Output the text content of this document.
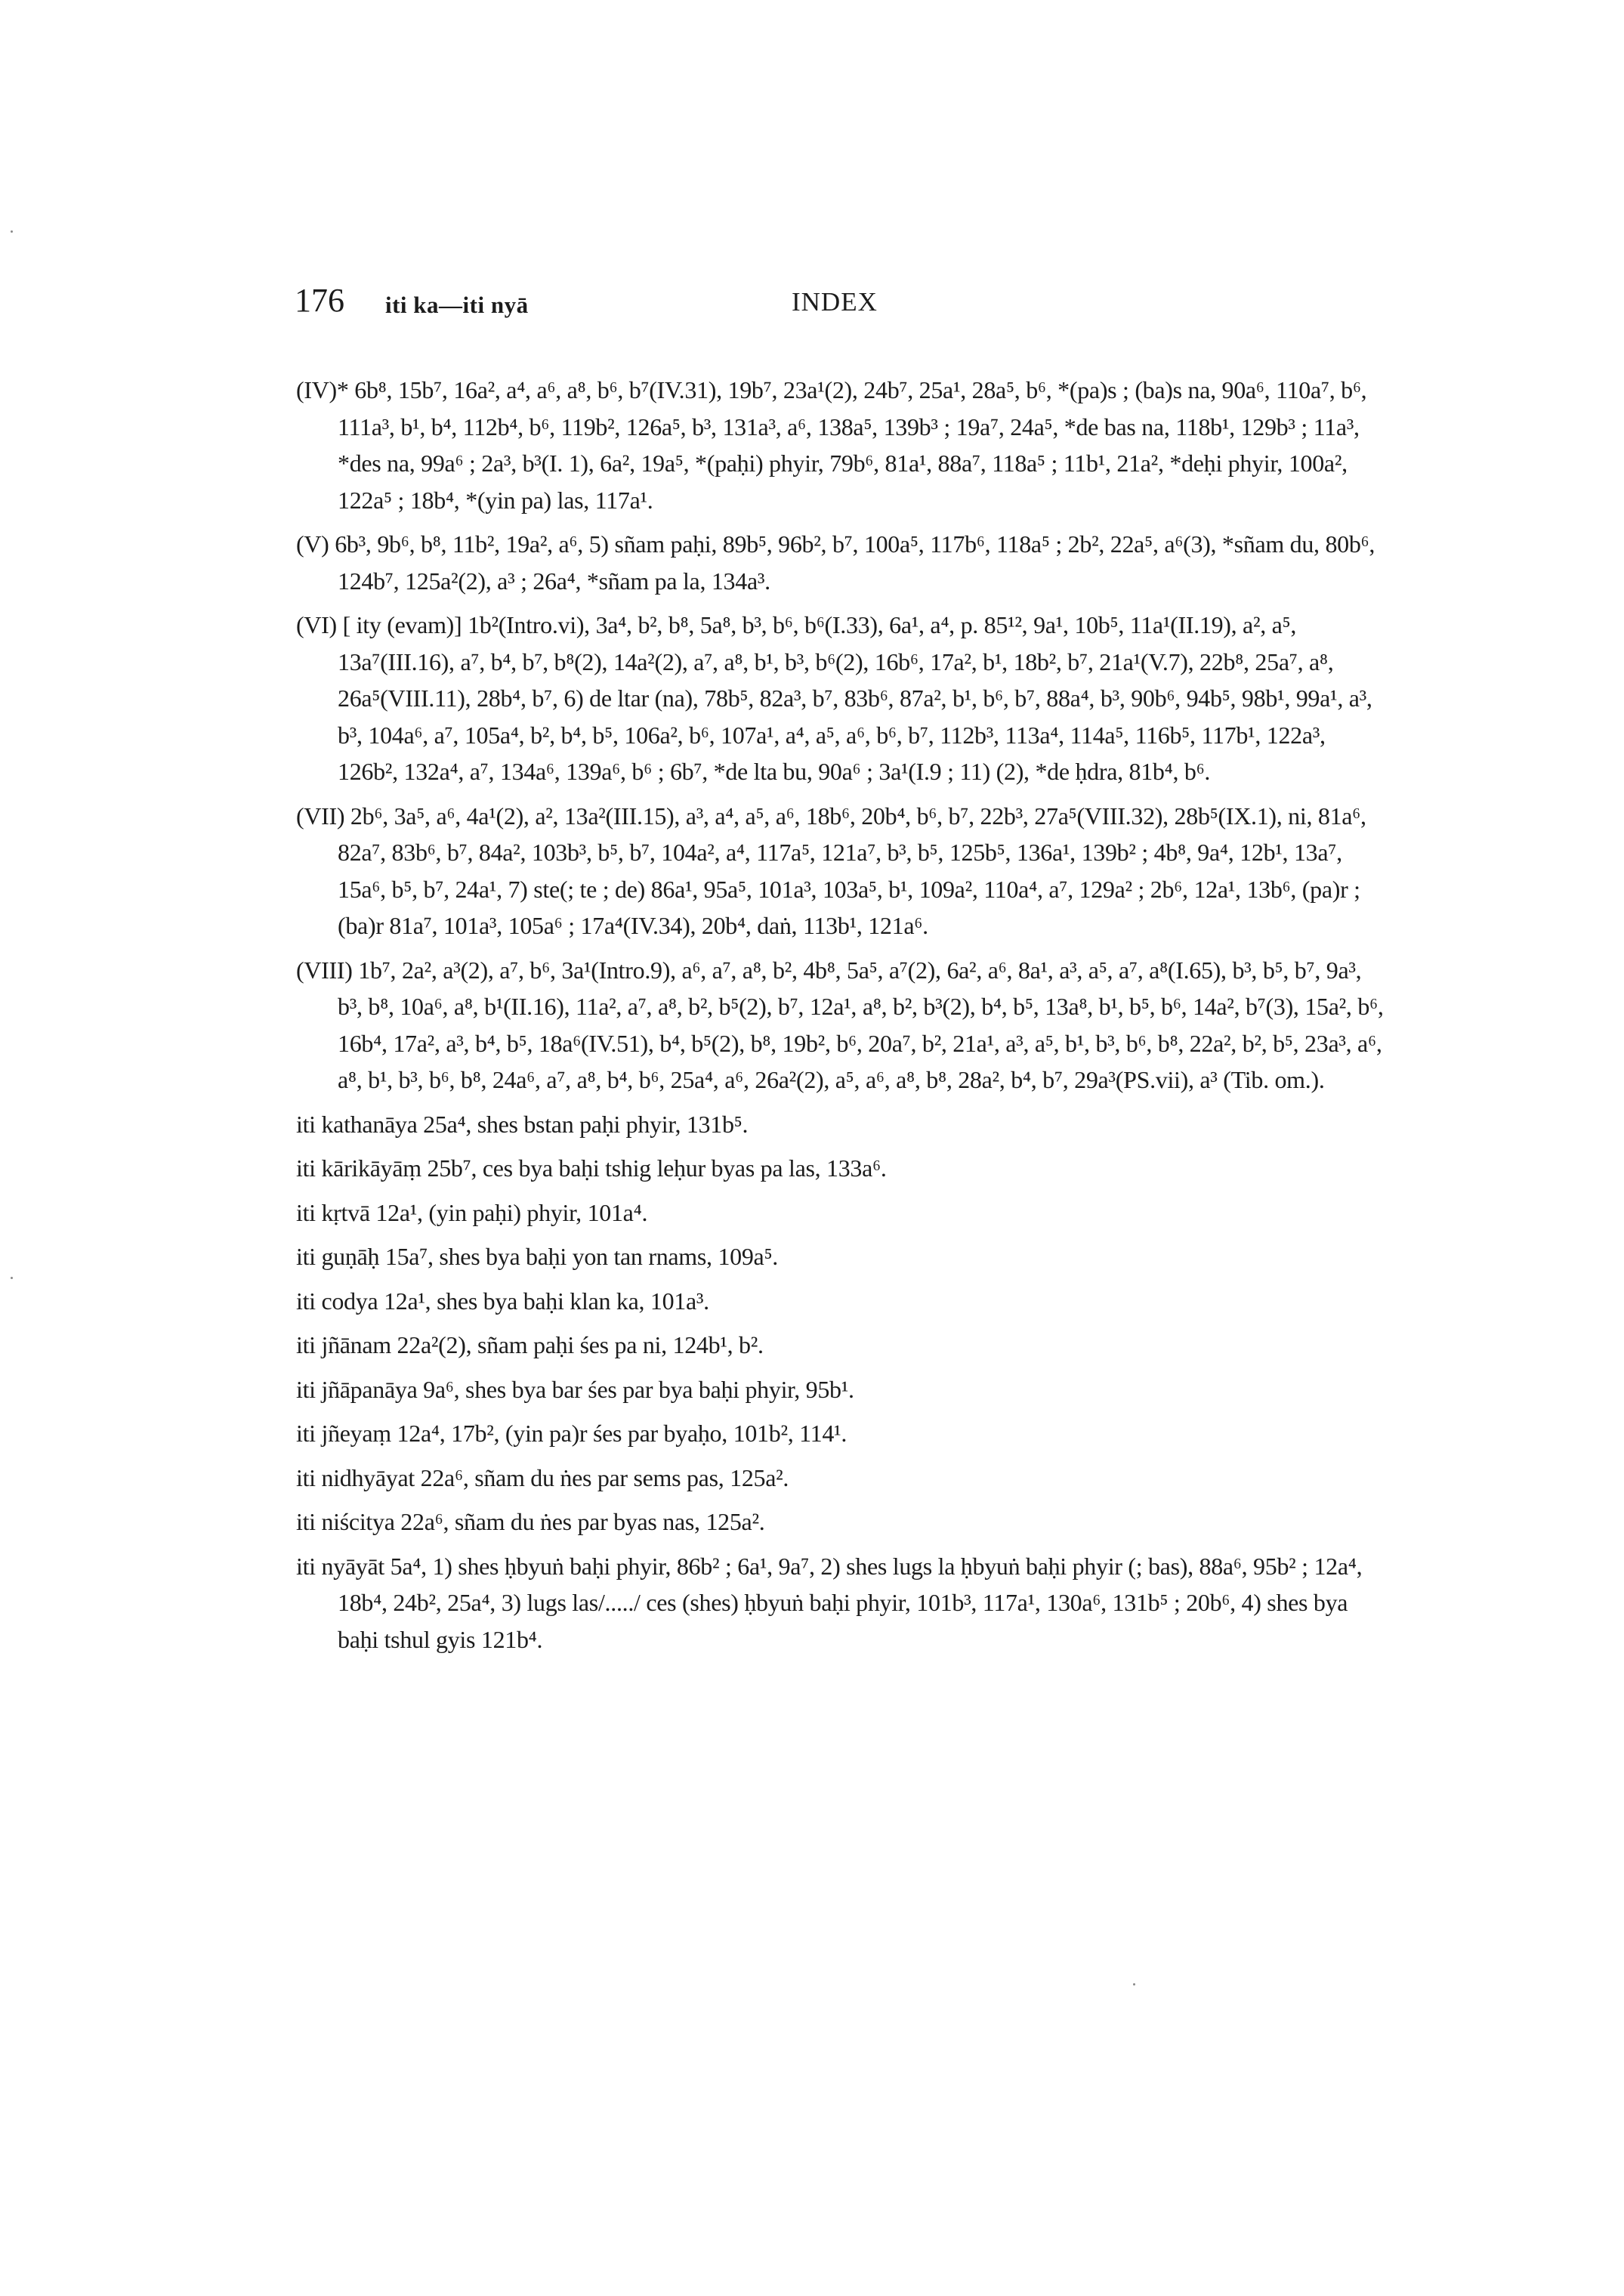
176 iti ka—iti nyā	INDEX

(IV)* 6b⁸, 15b⁷, 16a², a⁴, a⁶, a⁸, b⁶, b⁷(IV.31), 19b⁷, 23a¹(2), 24b⁷, 25a¹, 28a⁵, b⁶, *(pa)s ; (ba)s na, 90a⁶, 110a⁷, b⁶, 111a³, b¹, b⁴, 112b⁴, b⁶, 119b², 126a⁵, b³, 131a³, a⁶, 138a⁵, 139b³ ; 19a⁷, 24a⁵, *de bas na, 118b¹, 129b³ ; 11a³, *des na, 99a⁶ ; 2a³, b³(I. 1), 6a², 19a⁵, *(paḥi) phyir, 79b⁶, 81a¹, 88a⁷, 118a⁵ ; 11b¹, 21a², *deḥi phyir, 100a², 122a⁵ ; 18b⁴, *(yin pa) las, 117a¹.

(V) 6b³, 9b⁶, b⁸, 11b², 19a², a⁶, 5) sñam paḥi, 89b⁵, 96b², b⁷, 100a⁵, 117b⁶, 118a⁵ ; 2b², 22a⁵, a⁶(3), *sñam du, 80b⁶, 124b⁷, 125a²(2), a³ ; 26a⁴, *sñam pa la, 134a³.

(VI) [ ity (evam)] 1b²(Intro.vi), 3a⁴, b², b⁸, 5a⁸, b³, b⁶, b⁶(I.33), 6a¹, a⁴, p. 85¹², 9a¹, 10b⁵, 11a¹(II.19), a², a⁵, 13a⁷(III.16), a⁷, b⁴, b⁷, b⁸(2), 14a²(2), a⁷, a⁸, b¹, b³, b⁶(2), 16b⁶, 17a², b¹, 18b², b⁷, 21a¹(V.7), 22b⁸, 25a⁷, a⁸, 26a⁵(VIII.11), 28b⁴, b⁷, 6) de ltar (na), 78b⁵, 82a³, b⁷, 83b⁶, 87a², b¹, b⁶, b⁷, 88a⁴, b³, 90b⁶, 94b⁵, 98b¹, 99a¹, a³, b³, 104a⁶, a⁷, 105a⁴, b², b⁴, b⁵, 106a², b⁶, 107a¹, a⁴, a⁵, a⁶, b⁶, b⁷, 112b³, 113a⁴, 114a⁵, 116b⁵, 117b¹, 122a³, 126b², 132a⁴, a⁷, 134a⁶, 139a⁶, b⁶ ; 6b⁷, *de lta bu, 90a⁶ ; 3a¹(I.9 ; 11) (2), *de ḥdra, 81b⁴, b⁶.

(VII) 2b⁶, 3a⁵, a⁶, 4a¹(2), a², 13a²(III.15), a³, a⁴, a⁵, a⁶, 18b⁶, 20b⁴, b⁶, b⁷, 22b³, 27a⁵(VIII.32), 28b⁵(IX.1), ni, 81a⁶, 82a⁷, 83b⁶, b⁷, 84a², 103b³, b⁵, b⁷, 104a², a⁴, 117a⁵, 121a⁷, b³, b⁵, 125b⁵, 136a¹, 139b² ; 4b⁸, 9a⁴, 12b¹, 13a⁷, 15a⁶, b⁵, b⁷, 24a¹, 7) ste(; te ; de) 86a¹, 95a⁵, 101a³, 103a⁵, b¹, 109a², 110a⁴, a⁷, 129a² ; 2b⁶, 12a¹, 13b⁶, (pa)r ; (ba)r 81a⁷, 101a³, 105a⁶ ; 17a⁴(IV.34), 20b⁴, daṅ, 113b¹, 121a⁶.

(VIII) 1b⁷, 2a², a³(2), a⁷, b⁶, 3a¹(Intro.9), a⁶, a⁷, a⁸, b², 4b⁸, 5a⁵, a⁷(2), 6a², a⁶, 8a¹, a³, a⁵, a⁷, a⁸(I.65), b³, b⁵, b⁷, 9a³, b³, b⁸, 10a⁶, a⁸, b¹(II.16), 11a², a⁷, a⁸, b², b⁵(2), b⁷, 12a¹, a⁸, b², b³(2), b⁴, b⁵, 13a⁸, b¹, b⁵, b⁶, 14a², b⁷(3), 15a², b⁶, 16b⁴, 17a², a³, b⁴, b⁵, 18a⁶(IV.51), b⁴, b⁵(2), b⁸, 19b², b⁶, 20a⁷, b², 21a¹, a³, a⁵, b¹, b³, b⁶, b⁸, 22a², b², b⁵, 23a³, a⁶, a⁸, b¹, b³, b⁶, b⁸, 24a⁶, a⁷, a⁸, b⁴, b⁶, 25a⁴, a⁶, 26a²(2), a⁵, a⁶, a⁸, b⁸, 28a², b⁴, b⁷, 29a³(PS.vii), a³ (Tib. om.).

iti kathanāya 25a⁴, shes bstan paḥi phyir, 131b⁵.

iti kārikāyāṃ 25b⁷, ces bya baḥi tshig leḥur byas pa las, 133a⁶.

iti kṛtvā 12a¹, (yin paḥi) phyir, 101a⁴.

iti guṇāḥ 15a⁷, shes bya baḥi yon tan rnams, 109a⁵.

iti codya 12a¹, shes bya baḥi klan ka, 101a³.

iti jñānam 22a²(2), sñam paḥi śes pa ni, 124b¹, b².

iti jñāpanāya 9a⁶, shes bya bar śes par bya baḥi phyir, 95b¹.

iti jñeyaṃ 12a⁴, 17b², (yin pa)r śes par byaḥo, 101b², 114¹.

iti nidhyāyat 22a⁶, sñam du ṅes par sems pas, 125a².

iti niścitya 22a⁶, sñam du ṅes par byas nas, 125a².

iti nyāyāt 5a⁴, 1) shes ḥbyuṅ baḥi phyir, 86b² ; 6a¹, 9a⁷, 2) shes lugs la ḥbyuṅ baḥi phyir (; bas), 88a⁶, 95b² ; 12a⁴, 18b⁴, 24b², 25a⁴, 3) lugs las/...../ ces (shes) ḥbyuṅ baḥi phyir, 101b³, 117a¹, 130a⁶, 131b⁵ ; 20b⁶, 4) shes bya baḥi tshul gyis 121b⁴.
